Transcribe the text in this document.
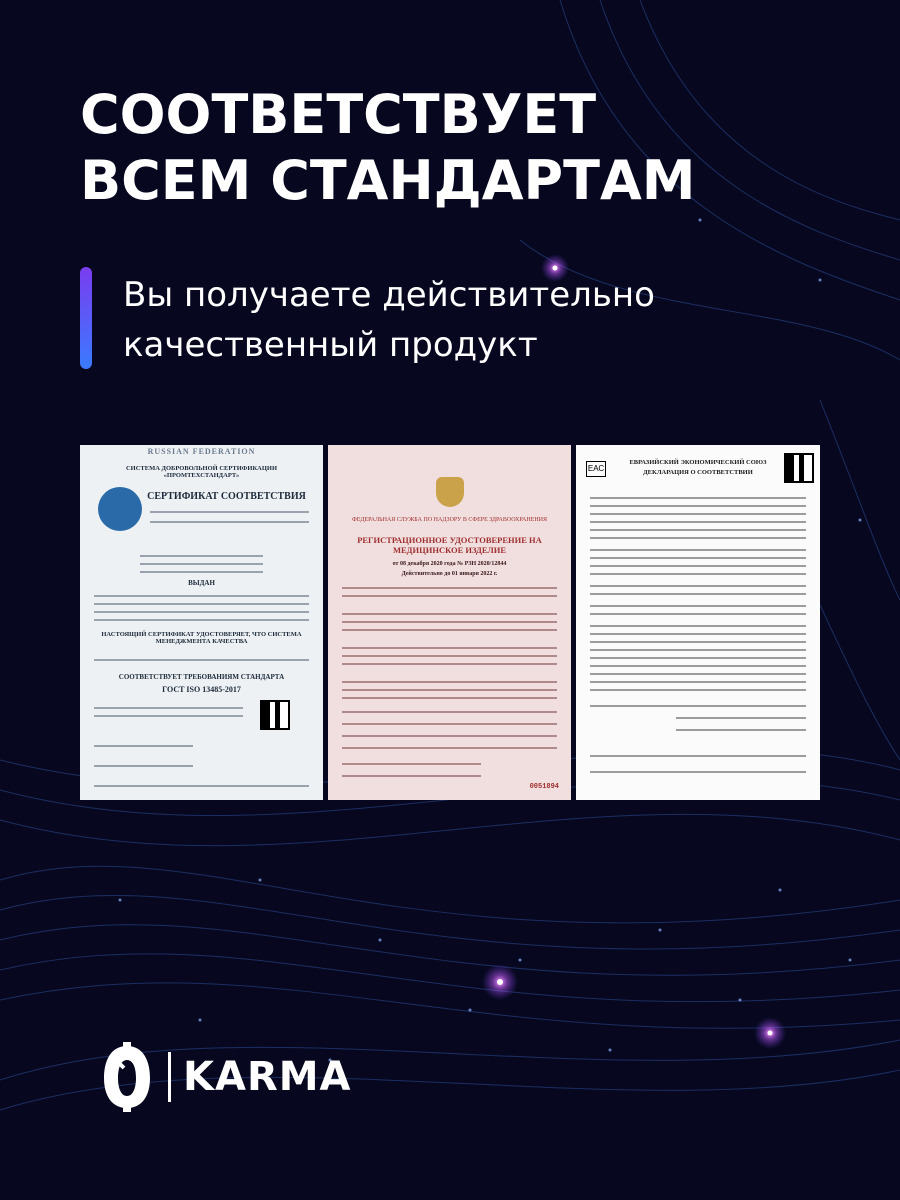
СООТВЕТСТВУЕТ
ВСЕМ СТАНДАРТАМ

Вы получаете действительно
качественный продукт

RUSSIAN FEDERATION
СИСТЕМА ДОБРОВОЛЬНОЙ СЕРТИФИКАЦИИ «ПРОМТЕХСТАНДАРТ»
СЕРТИФИКАТ СООТВЕТСТВИЯ
ВЫДАН
НАСТОЯЩИЙ СЕРТИФИКАТ УДОСТОВЕРЯЕТ, ЧТО СИСТЕМА МЕНЕДЖМЕНТА КАЧЕСТВА
СООТВЕТСТВУЕТ ТРЕБОВАНИЯМ СТАНДАРТА
ГОСТ ISO 13485-2017
ФЕДЕРАЛЬНАЯ СЛУЖБА ПО НАДЗОРУ В СФЕРЕ ЗДРАВООХРАНЕНИЯ
РЕГИСТРАЦИОННОЕ УДОСТОВЕРЕНИЕ НА МЕДИЦИНСКОЕ ИЗДЕЛИЕ
от 08 декабря 2020 года № РЗН 2020/12844
Действительно до 01 января 2022 г.
0051894
ЕАС
ЕВРАЗИЙСКИЙ ЭКОНОМИЧЕСКИЙ СОЮЗ
ДЕКЛАРАЦИЯ О СООТВЕТСТВИИ

KARMA
